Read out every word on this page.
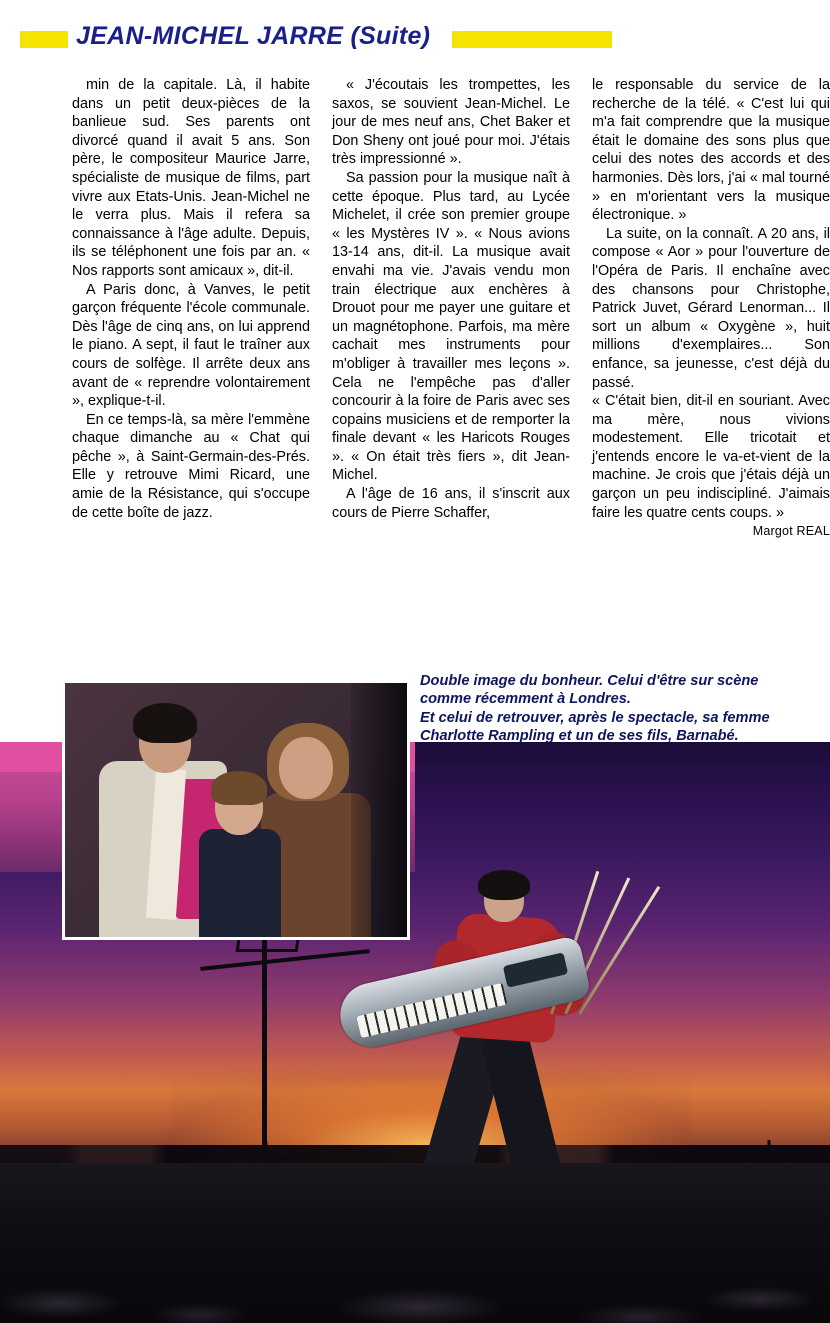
JEAN-MICHEL JARRE (Suite)

min de la capitale. Là, il habite dans un petit deux-pièces de la banlieue sud. Ses parents ont divorcé quand il avait 5 ans. Son père, le compositeur Maurice Jarre, spécialiste de musique de films, part vivre aux Etats-Unis. Jean-Michel ne le verra plus. Mais il refera sa connaissance à l'âge adulte. Depuis, ils se téléphonent une fois par an. « Nos rapports sont amicaux », dit-il.

A Paris donc, à Vanves, le petit garçon fréquente l'école communale. Dès l'âge de cinq ans, on lui apprend le piano. A sept, il faut le traîner aux cours de solfège. Il arrête deux ans avant de « reprendre volontairement », explique-t-il.

En ce temps-là, sa mère l'emmène chaque dimanche au « Chat qui pêche », à Saint-Germain-des-Prés. Elle y retrouve Mimi Ricard, une amie de la Résistance, qui s'occupe de cette boîte de jazz.

« J'écoutais les trompettes, les saxos, se souvient Jean-Michel. Le jour de mes neuf ans, Chet Baker et Don Sheny ont joué pour moi. J'étais très impressionné ».

Sa passion pour la musique naît à cette époque. Plus tard, au Lycée Michelet, il crée son premier groupe « les Mystères IV ». « Nous avions 13-14 ans, dit-il. La musique avait envahi ma vie. J'avais vendu mon train électrique aux enchères à Drouot pour me payer une guitare et un magnétophone. Parfois, ma mère cachait mes instruments pour m'obliger à travailler mes leçons ». Cela ne l'empêche pas d'aller concourir à la foire de Paris avec ses copains musiciens et de remporter la finale devant « les Haricots Rouges ». « On était très fiers », dit Jean-Michel.

A l'âge de 16 ans, il s'inscrit aux cours de Pierre Schaffer,

le responsable du service de la recherche de la télé. « C'est lui qui m'a fait comprendre que la musique était le domaine des sons plus que celui des notes des accords et des harmonies. Dès lors, j'ai « mal tourné » en m'orientant vers la musique électronique. »

La suite, on la connaît. A 20 ans, il compose « Aor » pour l'ouverture de l'Opéra de Paris. Il enchaîne avec des chansons pour Christophe, Patrick Juvet, Gérard Lenorman... Il sort un album « Oxygène », huit millions d'exemplaires... Son enfance, sa jeunesse, c'est déjà du passé.

« C'était bien, dit-il en souriant. Avec ma mère, nous vivions modestement. Elle tricotait et j'entends encore le va-et-vient de la machine. Je crois que j'étais déjà un garçon un peu indiscipliné. J'aimais faire les quatre cents coups. »

Margot REAL

Double image du bonheur. Celui d'être sur scène
comme récemment à Londres.
Et celui de retrouver, après le spectacle, sa femme
Charlotte Rampling et un de ses fils, Barnabé.
